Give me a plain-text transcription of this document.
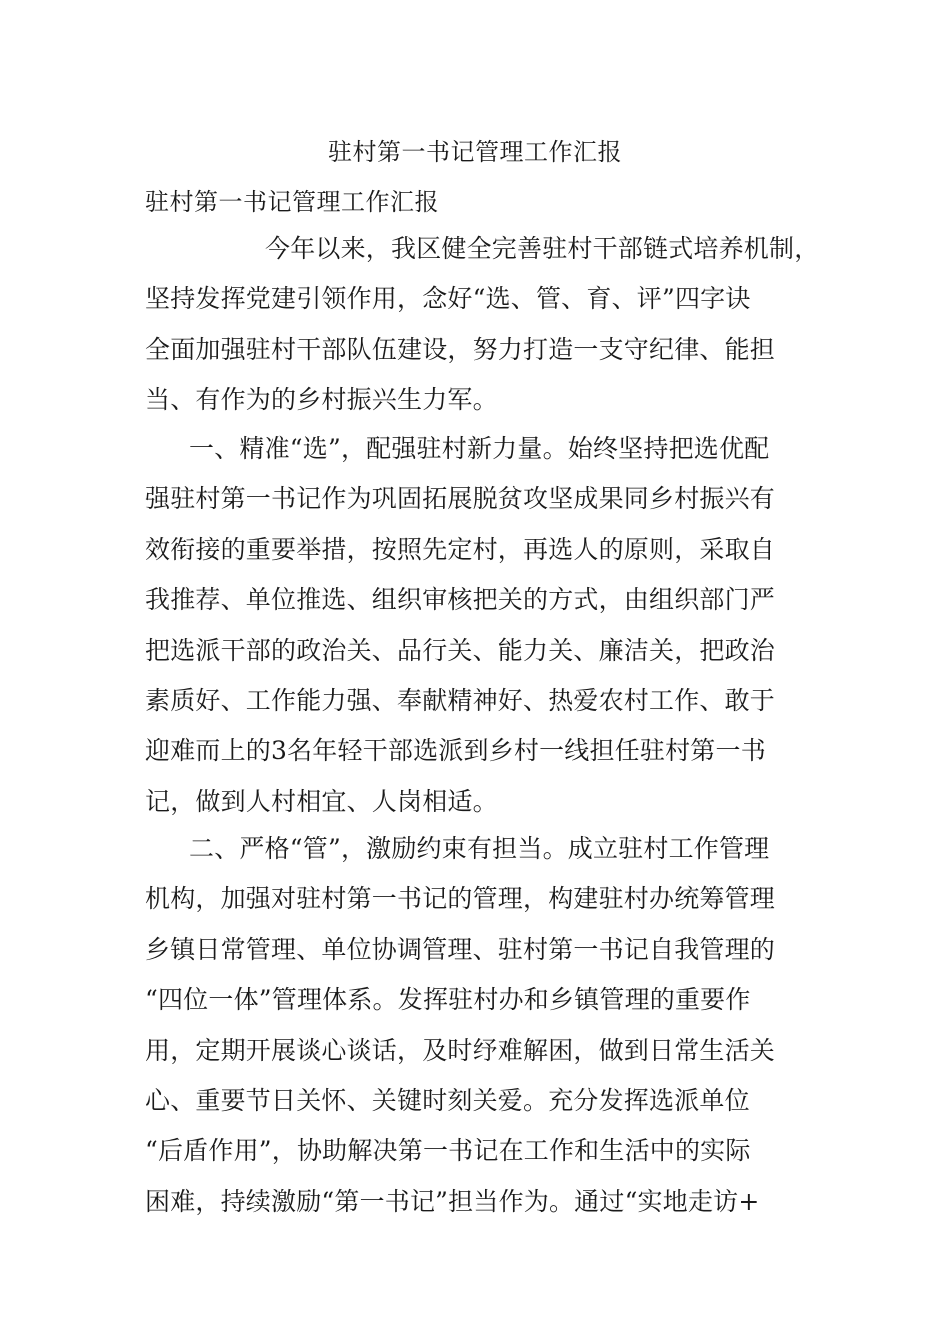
驻村第一书记管理工作汇报
驻村第一书记管理工作汇报

今年以来，我区健全完善驻村干部链式培养机制，
坚持发挥党建引领作用，念好“选、管、育、评”四字诀
全面加强驻村干部队伍建设，努力打造一支守纪律、能担
当、有作为的乡村振兴生力军。

一、精准“选”，配强驻村新力量。始终坚持把选优配
强驻村第一书记作为巩固拓展脱贫攻坚成果同乡村振兴有
效衔接的重要举措，按照先定村，再选人的原则，采取自
我推荐、单位推选、组织审核把关的方式，由组织部门严
把选派干部的政治关、品行关、能力关、廉洁关，把政治
素质好、工作能力强、奉献精神好、热爱农村工作、敢于
迎难而上的3名年轻干部选派到乡村一线担任驻村第一书
记，做到人村相宜、人岗相适。

二、严格“管”，激励约束有担当。成立驻村工作管理
机构，加强对驻村第一书记的管理，构建驻村办统筹管理
乡镇日常管理、单位协调管理、驻村第一书记自我管理的
“四位一体”管理体系。发挥驻村办和乡镇管理的重要作
用，定期开展谈心谈话，及时纾难解困，做到日常生活关
心、重要节日关怀、关键时刻关爱。充分发挥选派单位
“后盾作用”，协助解决第一书记在工作和生活中的实际
困难，持续激励“第一书记”担当作为。通过“实地走访+
